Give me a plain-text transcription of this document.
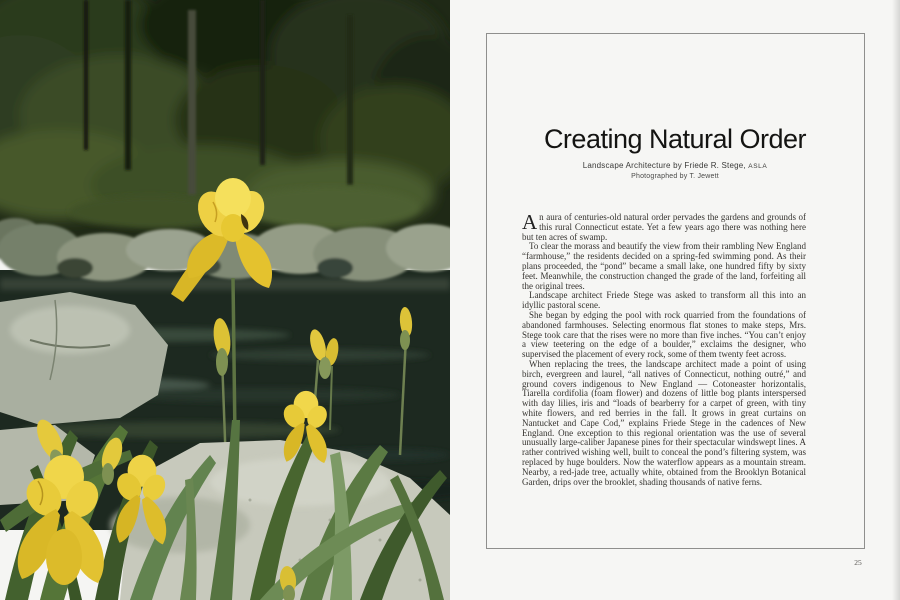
Creating Natural Order
Landscape Architecture by Friede R. Stege, ASLA
Photographed by T. Jewett

An aura of centuries-old natural order pervades the gardens and grounds of this rural Connecticut estate. Yet a few years ago there was nothing here but ten acres of swamp.

To clear the morass and beautify the view from their rambling New England “farmhouse,” the residents decided on a spring-fed swimming pond. As their plans proceeded, the “pond” became a small lake, one hundred fifty by sixty feet. Meanwhile, the construction changed the grade of the land, forfeiting all the original trees.

Landscape architect Friede Stege was asked to transform all this into an idyllic pastoral scene.

She began by edging the pool with rock quarried from the foundations of abandoned farmhouses. Selecting enormous flat stones to make steps, Mrs. Stege took care that the rises were no more than five inches. “You can’t enjoy a view teetering on the edge of a boulder,” exclaims the designer, who supervised the placement of every rock, some of them twenty feet across.

When replacing the trees, the landscape architect made a point of using birch, evergreen and laurel, “all natives of Connecticut, nothing outré,” and ground covers indigenous to New England — Cotoneaster horizontalis, Tiarella cordifolia (foam flower) and dozens of little bog plants interspersed with day lilies, iris and “loads of bearberry for a carpet of green, with tiny white flowers, and red berries in the fall. It grows in great curtains on Nantucket and Cape Cod,” explains Friede Stege in the cadences of New England. One exception to this regional orientation was the use of several unusually large-caliber Japanese pines for their spectacular windswept lines. A rather contrived wishing well, built to conceal the pond’s filtering system, was replaced by huge boulders. Now the waterflow appears as a mountain stream. Nearby, a red-jade tree, actually white, obtained from the Brooklyn Botanical Garden, drips over the brooklet, shading thousands of native ferns.

25
